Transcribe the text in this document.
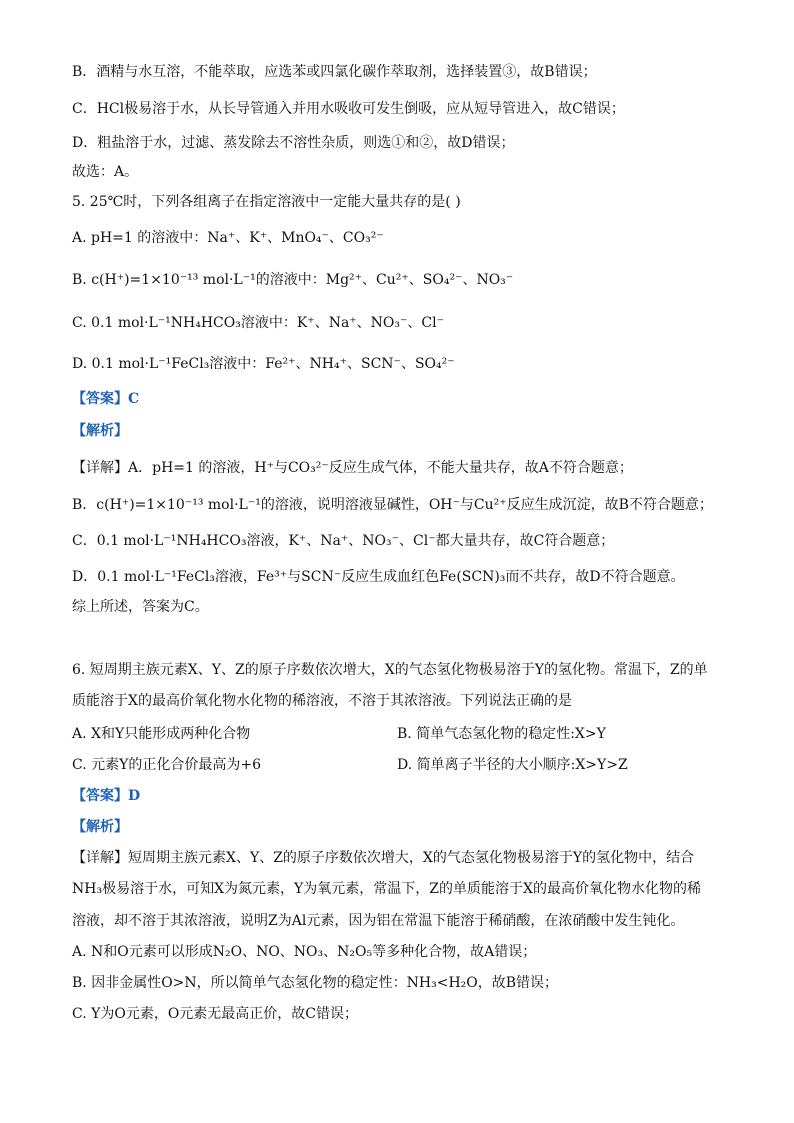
B．酒精与水互溶，不能萃取，应选苯或四氯化碳作萃取剂，选择装置③，故B错误；
C．HCl极易溶于水，从长导管通入并用水吸收可发生倒吸，应从短导管进入，故C错误；
D．粗盐溶于水，过滤、蒸发除去不溶性杂质，则选①和②，故D错误；
故选：A。
5. 25℃时，下列各组离子在指定溶液中一定能大量共存的是( )
A. pH=1 的溶液中：Na⁺、K⁺、MnO₄⁻、CO₃²⁻
B. c(H⁺)=1×10⁻¹³ mol·L⁻¹的溶液中：Mg²⁺、Cu²⁺、SO₄²⁻、NO₃⁻
C. 0.1 mol·L⁻¹NH₄HCO₃溶液中：K⁺、Na⁺、NO₃⁻、Cl⁻
D. 0.1 mol·L⁻¹FeCl₃溶液中：Fe²⁺、NH₄⁺、SCN⁻、SO₄²⁻
【答案】C
【解析】
【详解】A．pH=1 的溶液，H⁺与CO₃²⁻反应生成气体，不能大量共存，故A不符合题意；
B．c(H⁺)=1×10⁻¹³ mol·L⁻¹的溶液，说明溶液显碱性，OH⁻与Cu²⁺反应生成沉淀，故B不符合题意；
C．0.1 mol·L⁻¹NH₄HCO₃溶液，K⁺、Na⁺、NO₃⁻、Cl⁻都大量共存，故C符合题意；
D．0.1 mol·L⁻¹FeCl₃溶液，Fe³⁺与SCN⁻反应生成血红色Fe(SCN)₃而不共存，故D不符合题意。
综上所述，答案为C。
6. 短周期主族元素X、Y、Z的原子序数依次增大，X的气态氢化物极易溶于Y的氢化物。常温下，Z的单
质能溶于X的最高价氧化物水化物的稀溶液，不溶于其浓溶液。下列说法正确的是
A. X和Y只能形成两种化合物	B. 简单气态氢化物的稳定性:X>Y
C. 元素Y的正化合价最高为+6	D. 简单离子半径的大小顺序:X>Y>Z
【答案】D
【解析】
【详解】短周期主族元素X、Y、Z的原子序数依次增大，X的气态氢化物极易溶于Y的氢化物中，结合
NH₃极易溶于水，可知X为氮元素，Y为氧元素，常温下，Z的单质能溶于X的最高价氧化物水化物的稀
溶液，却不溶于其浓溶液，说明Z为Al元素，因为铝在常温下能溶于稀硝酸，在浓硝酸中发生钝化。
A. N和O元素可以形成N₂O、NO、NO₃、N₂O₅等多种化合物，故A错误；
B. 因非金属性O>N，所以简单气态氢化物的稳定性：NH₃<H₂O，故B错误；
C. Y为O元素，O元素无最高正价，故C错误；
